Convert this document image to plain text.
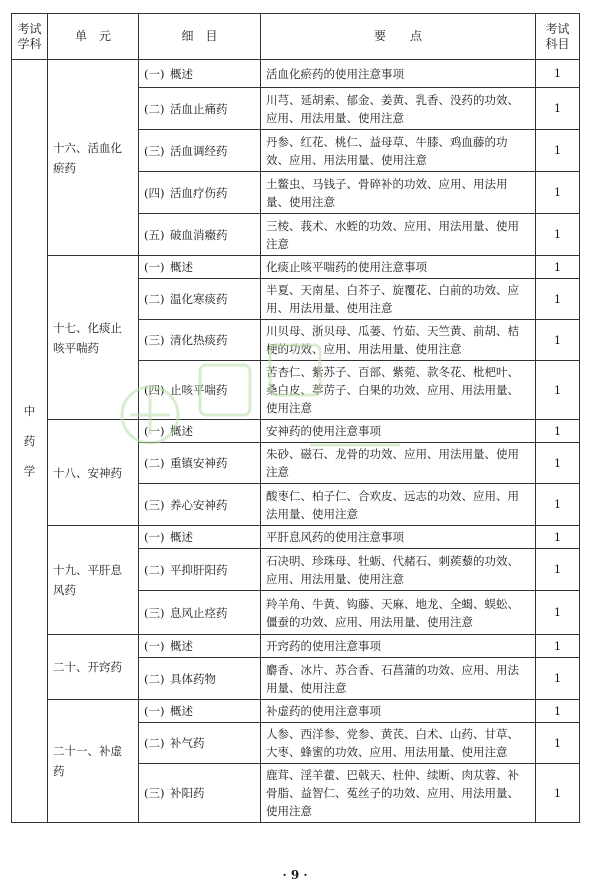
考试学科	单　元	细　目	要　　点	考试科目
中
药
学	十六、活血化瘀药	(一) 概述	活血化瘀药的使用注意事项	1
		(二) 活血止痛药	川芎、延胡索、郁金、姜黄、乳香、没药的功效、应用、用法用量、使用注意	1
		(三) 活血调经药	丹参、红花、桃仁、益母草、牛膝、鸡血藤的功效、应用、用法用量、使用注意	1
		(四) 活血疗伤药	土鳖虫、马钱子、骨碎补的功效、应用、用法用量、使用注意	1
		(五) 破血消癥药	三棱、莪术、水蛭的功效、应用、用法用量、使用注意	1
	十七、化痰止咳平喘药	(一) 概述	化痰止咳平喘药的使用注意事项	1
		(二) 温化寒痰药	半夏、天南星、白芥子、旋覆花、白前的功效、应用、用法用量、使用注意	1
		(三) 清化热痰药	川贝母、浙贝母、瓜蒌、竹茹、天竺黄、前胡、桔梗的功效、应用、用法用量、使用注意	1
		(四) 止咳平喘药	苦杏仁、紫苏子、百部、紫菀、款冬花、枇杷叶、桑白皮、葶苈子、白果的功效、应用、用法用量、使用注意	1
	十八、安神药	(一) 概述	安神药的使用注意事项	1
		(二) 重镇安神药	朱砂、磁石、龙骨的功效、应用、用法用量、使用注意	1
		(三) 养心安神药	酸枣仁、柏子仁、合欢皮、远志的功效、应用、用法用量、使用注意	1
	十九、平肝息风药	(一) 概述	平肝息风药的使用注意事项	1
		(二) 平抑肝阳药	石决明、珍珠母、牡蛎、代赭石、刺蒺藜的功效、应用、用法用量、使用注意	1
		(三) 息风止痉药	羚羊角、牛黄、钩藤、天麻、地龙、全蝎、蜈蚣、僵蚕的功效、应用、用法用量、使用注意	1
	二十、开窍药	(一) 概述	开窍药的使用注意事项	1
		(二) 具体药物	麝香、冰片、苏合香、石菖蒲的功效、应用、用法用量、使用注意	1
	二十一、补虚药	(一) 概述	补虚药的使用注意事项	1
		(二) 补气药	人参、西洋参、党参、黄芪、白术、山药、甘草、大枣、蜂蜜的功效、应用、用法用量、使用注意	1
		(三) 补阳药	鹿茸、淫羊藿、巴戟天、杜仲、续断、肉苁蓉、补骨脂、益智仁、菟丝子的功效、应用、用法用量、使用注意	1
· 9 ·
